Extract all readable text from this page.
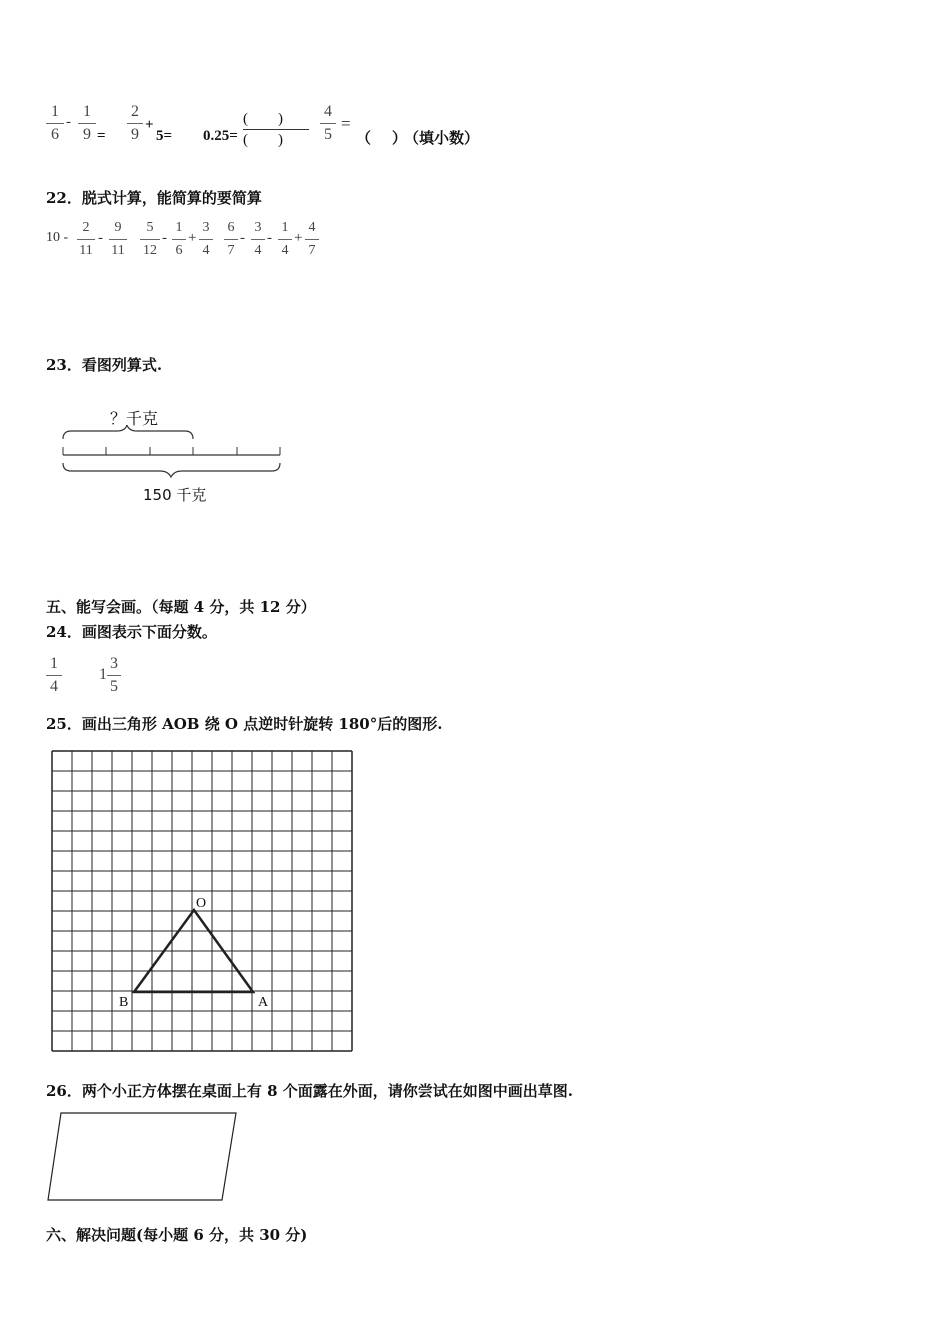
1
6
-
1
9 =
2
9
+
5= 0.25=
(        )
(        )
4
5
=
（    ）
（填小数）
22．脱式计算，能简算的要简算
10 -
2
11
-
9
11
5
12
-
1
6
+
3
4
6
7
-
3
4
-
1
4
+
4
7
23．看图列算式.
？千克
150 千克
五、能写会画。（每题 4 分，共 12 分）
24．画图表示下面分数。
1
4
1
3
5
25．画出三角形 AOB 绕 O 点逆时针旋转 180°后的图形.
O
B	A
26．两个小正方体摆在桌面上有 8 个面露在外面，请你尝试在如图中画出草图.
六、解决问题(每小题 6 分，共 30 分)
